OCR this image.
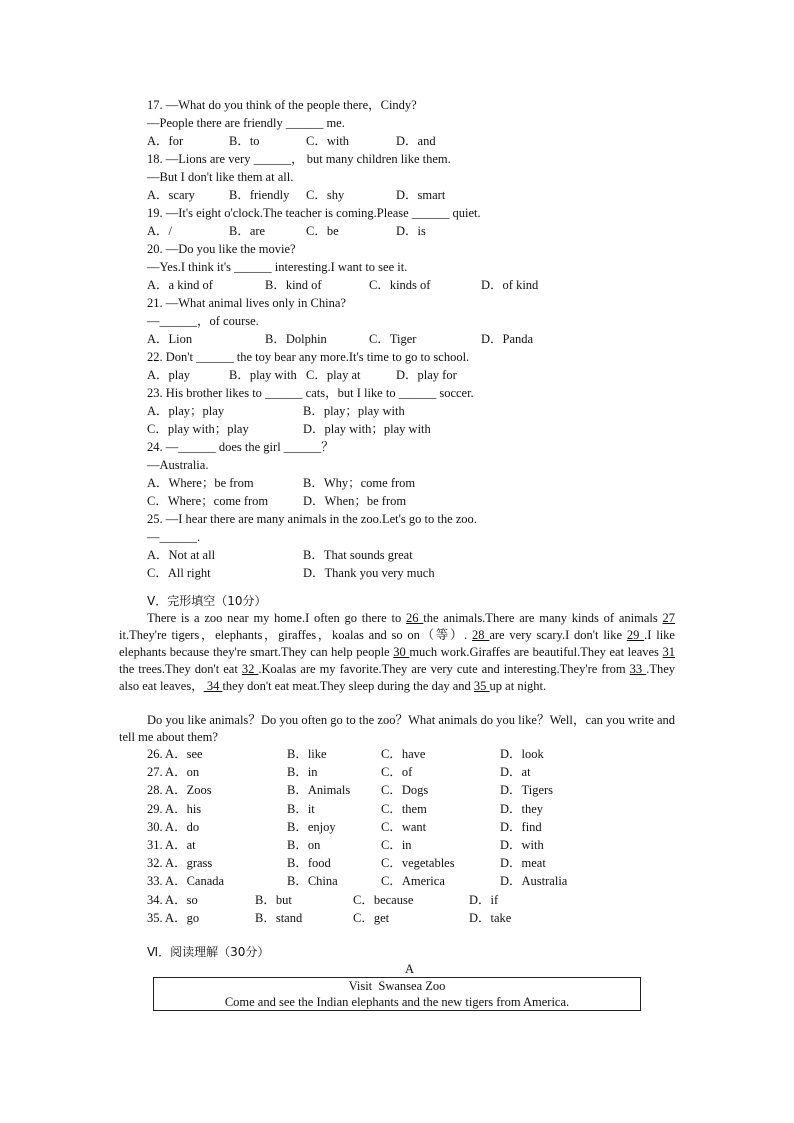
17. —What do you think of the people there，Cindy?
—People there are friendly ______ me.
A．for	B．to	C．with	D．and
18. —Lions are very ______， but many children like them.
—But I don't like them at all.
A．scary	B．friendly C．shy	D．smart
19. —It's eight o'clock.The teacher is coming.Please ______ quiet.
A．/	B．are	C．be	D．is
20. —Do you like the movie?
—Yes.I think it's ______ interesting.I want to see it.
A．a kind of	B．kind of	C．kinds of	D．of kind
21. —What animal lives only in China?
—______，of course.
A．Lion	B．Dolphin	C．Tiger	D．Panda
22. Don't ______ the toy bear any more.It's time to go to school.
A．play	B．play with C．play at	D．play for
23. His brother likes to ______ cats，but I like to ______ soccer.
A．play；play	B．play；play with
C．play with；play	D．play with；play with
24. —______ does the girl ______？
—Australia.
A．Where；be from	B．Why；come from
C．Where；come from	D．When；be from
25. —I hear there are many animals in the zoo.Let's go to the zoo.
—______.
A．Not at all	B．That sounds great
C．All right	D．Thank you very much
Ⅴ．完形填空（10分）
There is a zoo near my home.I often go there to 26 the animals.There are many kinds of animals 27 it.They're tigers，elephants，giraffes，koalas and so on（等）. 28 are very scary.I don't like 29 .I like elephants because they're smart.They can help people 30 much work.Giraffes are beautiful.They eat leaves 31 the trees.They don't eat 32 .Koalas are my favorite.They are very cute and interesting.They're from 33 .They also eat leaves， 34 they don't eat meat.They sleep during the day and 35 up at night.
Do you like animals？Do you often go to the zoo？What animals do you like？Well，can you write and tell me about them?
26. A．see	B．like	C．have	D．look
27. A．on	B．in	C．of	D．at
28. A．Zoos	B．Animals C．Dogs	D．Tigers
29. A．his	B．it	C．them	D．they
30. A．do	B．enjoy	C．want	D．find
31. A．at	B．on	C．in	D．with
32. A．grass	B．food	C．vegetables	D．meat
33. A．Canada	B．China	C．America	D．Australia
34. A．so	B．but	C．because	D．if
35. A．go	B．stand	C．get	D．take
Ⅵ．阅读理解（30分）
A
Visit  Swansea Zoo
Come and see the Indian elephants and the new tigers from America.
